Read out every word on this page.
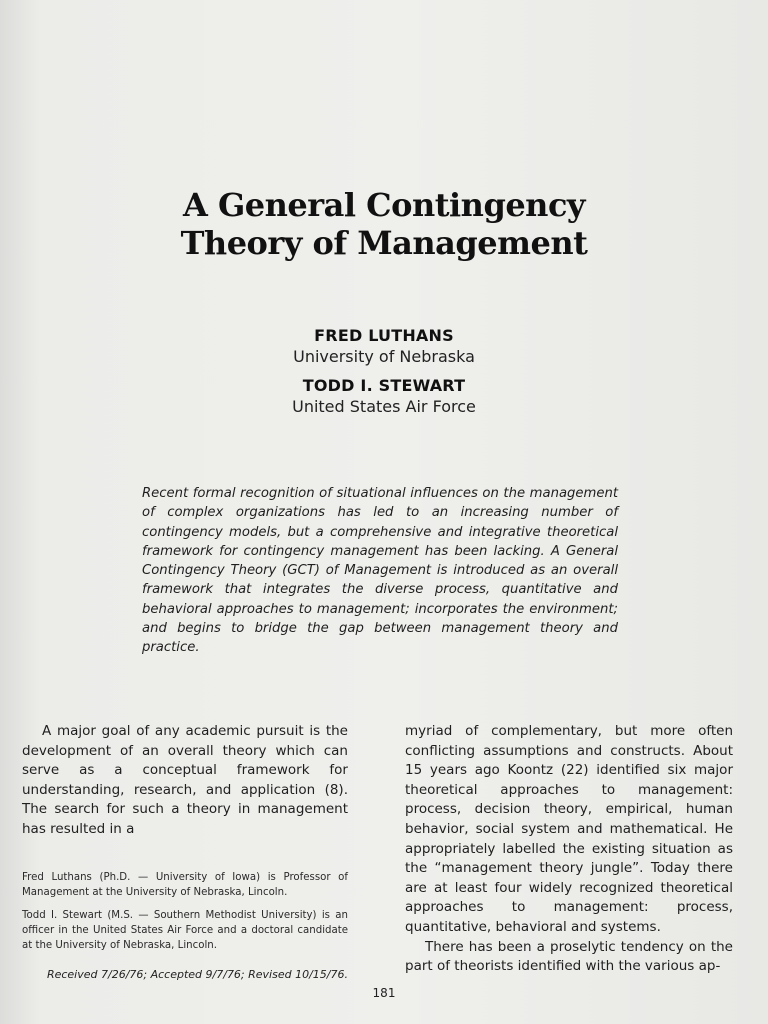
A General Contingency
Theory of Management
FRED LUTHANS
University of Nebraska
TODD I. STEWART
United States Air Force
Recent formal recognition of situational influences on the management of complex organizations has led to an increasing number of contingency models, but a comprehensive and integrative theoretical framework for contingency management has been lacking. A General Contingency Theory (GCT) of Management is introduced as an overall framework that integrates the diverse process, quantitative and behavioral approaches to management; incorporates the environment; and begins to bridge the gap between management theory and practice.

A major goal of any academic pursuit is the development of an overall theory which can serve as a conceptual framework for understanding, research, and application (8). The search for such a theory in management has resulted in a

Fred Luthans (Ph.D. — University of Iowa) is Professor of Management at the University of Nebraska, Lincoln.

Todd I. Stewart (M.S. — Southern Methodist University) is an officer in the United States Air Force and a doctoral candidate at the University of Nebraska, Lincoln.

Received 7/26/76; Accepted 9/7/76; Revised 10/15/76.

myriad of complementary, but more often conflicting assumptions and constructs. About 15 years ago Koontz (22) identified six major theoretical approaches to management: process, decision theory, empirical, human behavior, social system and mathematical. He appropriately labelled the existing situation as the “management theory jungle”. Today there are at least four widely recognized theoretical approaches to management: process, quantitative, behavioral and systems.

There has been a proselytic tendency on the part of theorists identified with the various ap-

181
